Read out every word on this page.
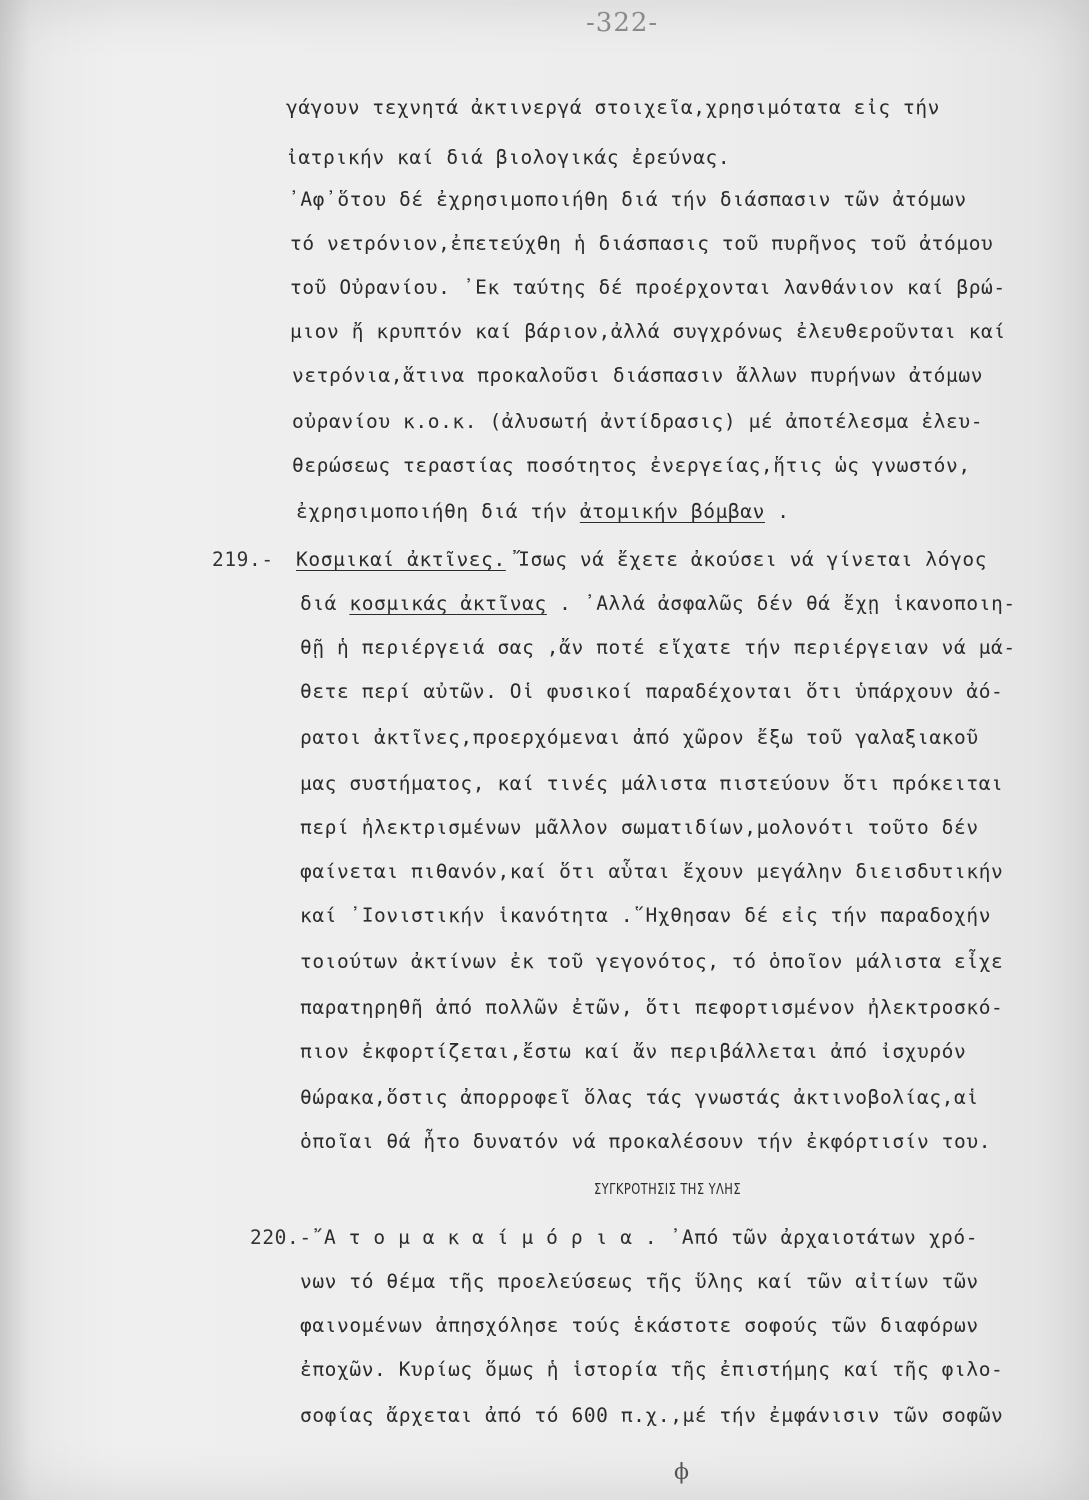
-322-
γάγουν τεχνητά ἀκτινεργά στοιχεῖα,χρησιμότατα εἰς τήν
ἰατρικήν καί διά βιολογικάς ἐρεύνας.
᾿Αφ᾿ὅτου δέ ἐχρησιμοποιήθη διά τήν διάσπασιν τῶν ἀτόμων
τό νετρόνιον,ἐπετεύχθη ἡ διάσπασις τοῦ πυρῆνος τοῦ ἀτόμου
τοῦ Οὐρανίου. ᾿Εκ ταύτης δέ προέρχονται λανθάνιον καί βρώ-
μιον ἤ κρυπτόν καί βάριον,ἀλλά συγχρόνως ἐλευθεροῦνται καί
νετρόνια,ἅτινα προκαλοῦσι διάσπασιν ἄλλων πυρήνων ἀτόμων
οὐρανίου κ.ο.κ. (ἀλυσωτή ἀντίδρασις) μέ ἀποτέλεσμα ἐλευ-
θερώσεως τεραστίας ποσότητος ἐνεργείας,ἥτις ὡς γνωστόν,
ἐχρησιμοποιήθη διά τήν ἀτομικήν βόμβαν .
219.- Κοσμικαί ἀκτῖνες. Ἴσως νά ἔχετε ἀκούσει νά γίνεται λόγος
διά κοσμικάς ἀκτῖνας . ᾿Αλλά ἀσφαλῶς δέν θά ἔχῃ ἱκανοποιη-
θῇ ἡ περιέργειά σας ,ἄν ποτέ εἴχατε τήν περιέργειαν νά μά-
θετε περί αὐτῶν. Οἱ φυσικοί παραδέχονται ὅτι ὑπάρχουν ἀό-
ρατοι ἀκτῖνες,προερχόμεναι ἀπό χῶρον ἔξω τοῦ γαλαξιακοῦ
μας συστήματος, καί τινές μάλιστα πιστεύουν ὅτι πρόκειται
περί ἠλεκτρισμένων μᾶλλον σωματιδίων,μολονότι τοῦτο δέν
φαίνεται πιθανόν,καί ὅτι αὗται ἔχουν μεγάλην διεισδυτικήν
καί ᾿Ιονιστικήν ἱκανότητα .῞Ηχθησαν δέ εἰς τήν παραδοχήν
τοιούτων ἀκτίνων ἐκ τοῦ γεγονότος, τό ὁποῖον μάλιστα εἶχε
παρατηρηθῆ ἀπό πολλῶν ἐτῶν, ὅτι πεφορτισμένον ἠλεκτροσκό-
πιον ἐκφορτίζεται,ἔστω καί ἄν περιβάλλεται ἀπό ἰσχυρόν
θώρακα,ὅστις ἀπορροφεῖ ὅλας τάς γνωστάς ἀκτινοβολίας,αἱ
ὁποῖαι θά ἦτο δυνατόν νά προκαλέσουν τήν ἐκφόρτισίν του.
ΣΥΓΚΡΟΤΗΣΙΣ ΤΗΣ ΥΛΗΣ
220.-῎Α τ ο μ α κ α ί μ ό ρ ι α . ᾿Από τῶν ἀρχαιοτάτων χρό-
νων τό θέμα τῆς προελεύσεως τῆς ὕλης καί τῶν αἰτίων τῶν
φαινομένων ἀπησχόλησε τούς ἑκάστοτε σοφούς τῶν διαφόρων
ἐποχῶν. Κυρίως ὅμως ἡ ἱστορία τῆς ἐπιστήμης καί τῆς φιλο-
σοφίας ἄρχεται ἀπό τό 600 π.χ.,μέ τήν ἐμφάνισιν τῶν σοφῶν
ϕ
